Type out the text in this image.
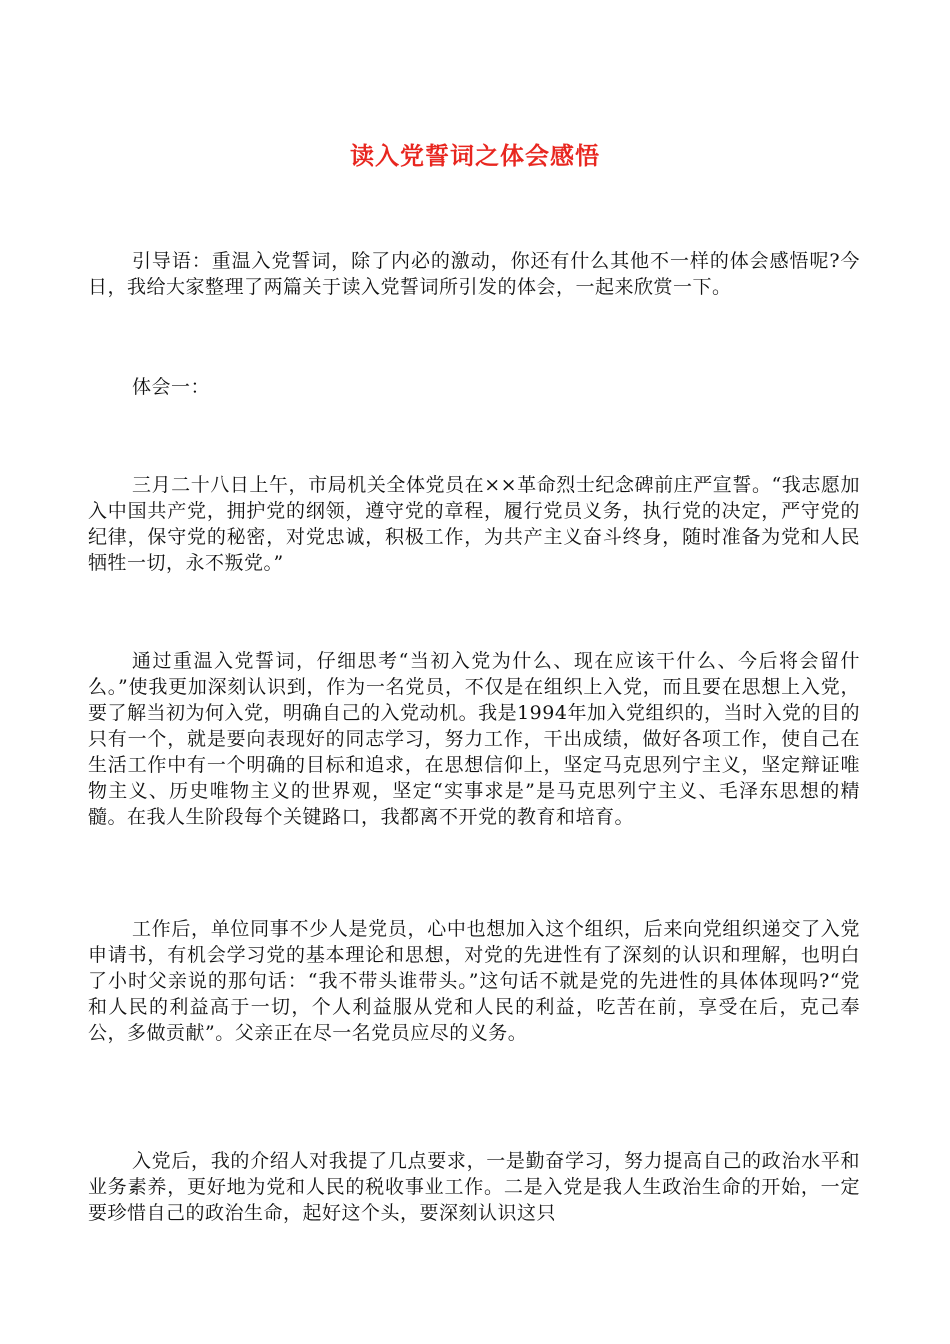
读入党誓词之体会感悟

引导语：重温入党誓词，除了内必的激动，你还有什么其他不一样的体会感悟呢?今日，我给大家整理了两篇关于读入党誓词所引发的体会，一起来欣赏一下。

体会一：

三月二十八日上午，市局机关全体党员在××革命烈士纪念碑前庄严宣誓。“我志愿加入中国共产党，拥护党的纲领，遵守党的章程，履行党员义务，执行党的决定，严守党的纪律，保守党的秘密，对党忠诚，积极工作，为共产主义奋斗终身，随时准备为党和人民牺牲一切，永不叛党。”

通过重温入党誓词，仔细思考“当初入党为什么、现在应该干什么、今后将会留什么。”使我更加深刻认识到，作为一名党员，不仅是在组织上入党，而且要在思想上入党，要了解当初为何入党，明确自己的入党动机。我是1994年加入党组织的，当时入党的目的只有一个，就是要向表现好的同志学习，努力工作，干出成绩，做好各项工作，使自己在生活工作中有一个明确的目标和追求，在思想信仰上，坚定马克思列宁主义，坚定辩证唯物主义、历史唯物主义的世界观，坚定“实事求是”是马克思列宁主义、毛泽东思想的精髓。在我人生阶段每个关键路口，我都离不开党的教育和培育。

工作后，单位同事不少人是党员，心中也想加入这个组织，后来向党组织递交了入党申请书，有机会学习党的基本理论和思想，对党的先进性有了深刻的认识和理解，也明白了小时父亲说的那句话：“我不带头谁带头。”这句话不就是党的先进性的具体体现吗?“党和人民的利益高于一切，个人利益服从党和人民的利益，吃苦在前，享受在后，克己奉公，多做贡献”。父亲正在尽一名党员应尽的义务。

入党后，我的介绍人对我提了几点要求，一是勤奋学习，努力提高自己的政治水平和业务素养，更好地为党和人民的税收事业工作。二是入党是我人生政治生命的开始，一定要珍惜自己的政治生命，起好这个头，要深刻认识这只
